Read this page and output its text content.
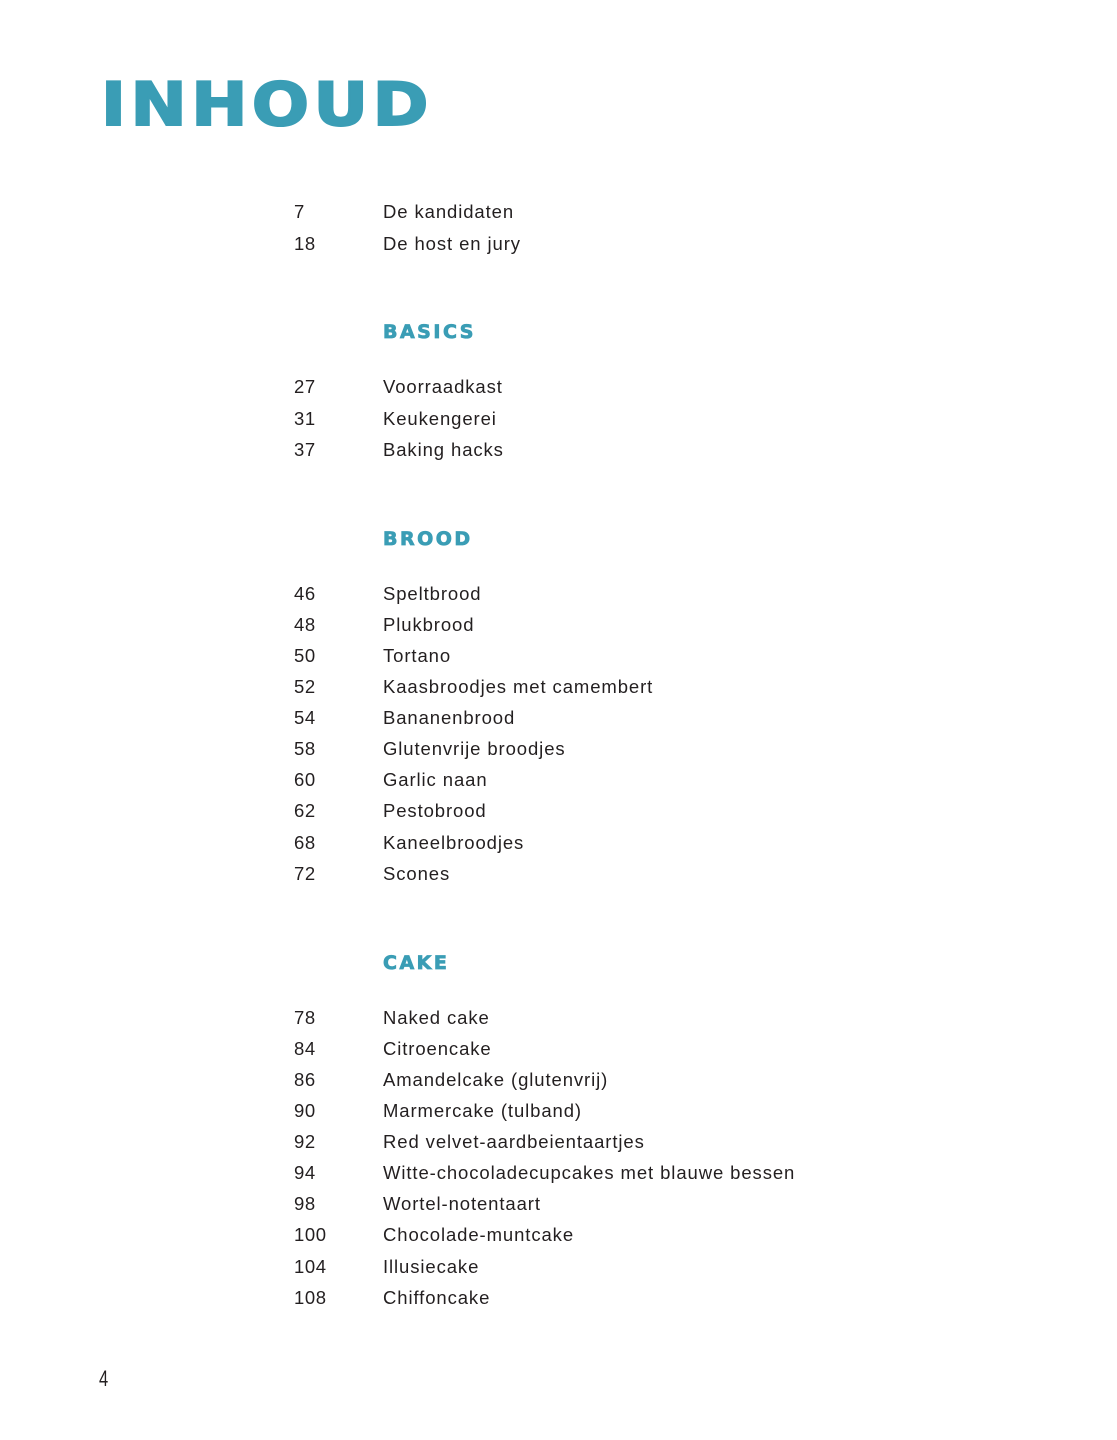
INHOUD
7	De kandidaten
18	De host en jury
BASICS
27	Voorraadkast
31	Keukengerei
37	Baking hacks
BROOD
46	Speltbrood
48	Plukbrood
50	Tortano
52	Kaasbroodjes met camembert
54	Bananenbrood
58	Glutenvrije broodjes
60	Garlic naan
62	Pestobrood
68	Kaneelbroodjes
72	Scones
CAKE
78	Naked cake
84	Citroencake
86	Amandelcake (glutenvrij)
90	Marmercake (tulband)
92	Red velvet-aardbeientaartjes
94	Witte-chocoladecupcakes met blauwe bessen
98	Wortel-notentaart
100	Chocolade-muntcake
104	Illusiecake
108	Chiffoncake
4
